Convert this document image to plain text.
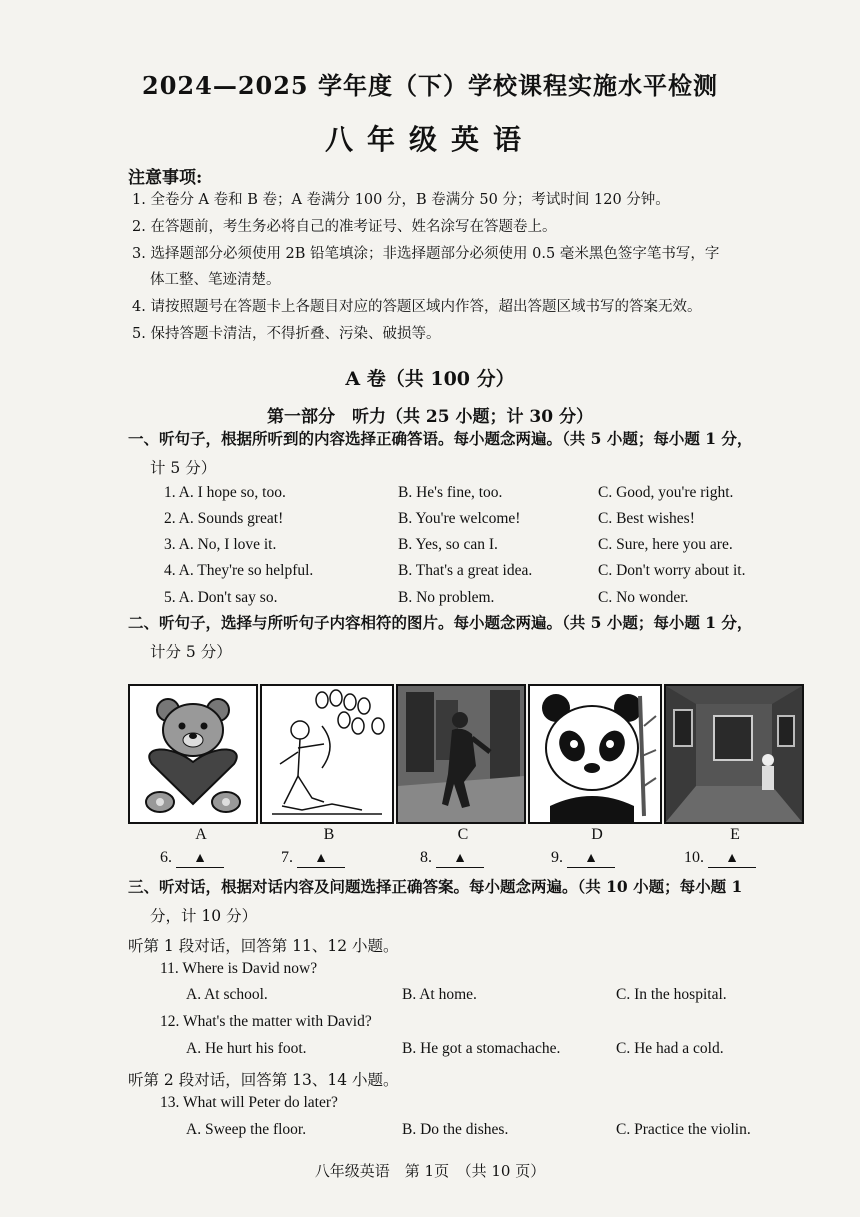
2024—2025 学年度（下）学校课程实施水平检测
八年级英语
注意事项:
1. 全卷分 A 卷和 B 卷；A 卷满分 100 分，B 卷满分 50 分；考试时间 120 分钟。
2. 在答题前，考生务必将自己的准考证号、姓名涂写在答题卷上。
3. 选择题部分必须使用 2B 铅笔填涂；非选择题部分必须使用 0.5 毫米黑色签字笔书写，字
体工整、笔迹清楚。
4. 请按照题号在答题卡上各题目对应的答题区域内作答，超出答题区域书写的答案无效。
5. 保持答题卡清洁，不得折叠、污染、破损等。
A 卷（共 100 分）
第一部分　听力（共 25 小题；计 30 分）
一、听句子，根据所听到的内容选择正确答语。每小题念两遍。（共 5 小题；每小题 1 分，
计 5 分）
1. A. I hope so, too.	B. He's fine, too.	C. Good, you're right.
2. A. Sounds great!	B. You're welcome!	C. Best wishes!
3. A. No, I love it.	B. Yes, so can I.	C. Sure, here you are.
4. A. They're so helpful.	B. That's a great idea.	C. Don't worry about it.
5. A. Don't say so.	B. No problem.	C. No wonder.
二、听句子，选择与所听句子内容相符的图片。每小题念两遍。（共 5 小题；每小题 1 分，
计分 5 分）
A	B	C	D	E
6. ▲	7. ▲	8. ▲	9. ▲	10. ▲
三、听对话，根据对话内容及问题选择正确答案。每小题念两遍。（共 10 小题；每小题 1
分，计 10 分）
听第 1 段对话，回答第 11、12 小题。
11. Where is David now?
A. At school.	B. At home.	C. In the hospital.
12. What's the matter with David?
A. He hurt his foot.	B. He got a stomachache.	C. He had a cold.
听第 2 段对话，回答第 13、14 小题。
13. What will Peter do later?
A. Sweep the floor.	B. Do the dishes.	C. Practice the violin.
八年级英语　第 1页　（共 10 页）
